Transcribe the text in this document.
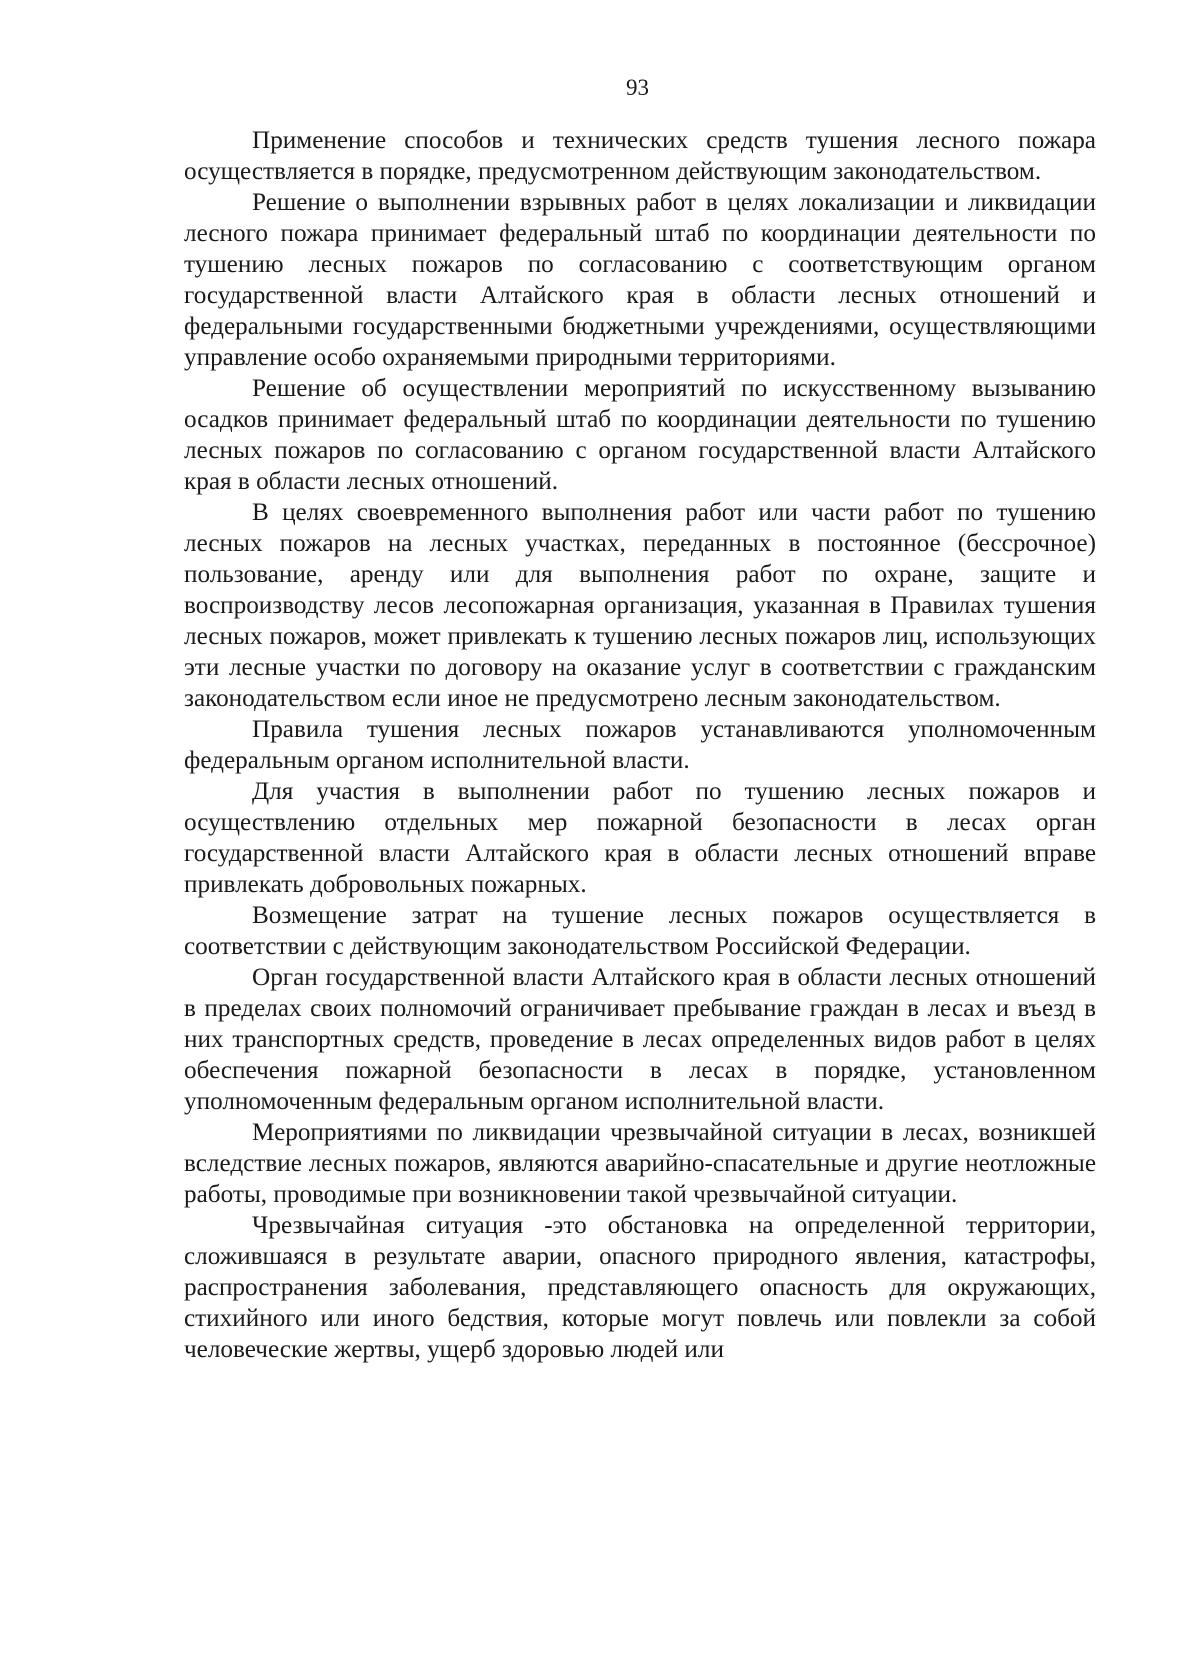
93

Применение способов и технических средств тушения лесного пожара осуществляется в порядке, предусмотренном действующим законодательством.

Решение о выполнении взрывных работ в целях локализации и ликвидации лесного пожара принимает федеральный штаб по координации деятельности по тушению лесных пожаров по согласованию с соответствующим органом государственной власти Алтайского края в области лесных отношений и федеральными государственными бюджетными учреждениями, осуществляющими управление особо охраняемыми природными территориями.

Решение об осуществлении мероприятий по искусственному вызыванию осадков принимает федеральный штаб по координации деятельности по тушению лесных пожаров по согласованию с органом государственной власти Алтайского края в области лесных отношений.

В целях своевременного выполнения работ или части работ по тушению лесных пожаров на лесных участках, переданных в постоянное (бессрочное) пользование, аренду или для выполнения работ по охране, защите и воспроизводству лесов лесопожарная организация, указанная в Правилах тушения лесных пожаров, может привлекать к тушению лесных пожаров лиц, использующих эти лесные участки по договору на оказание услуг в соответствии с гражданским законодательством если иное не предусмотрено лесным законодательством.

Правила тушения лесных пожаров устанавливаются уполномоченным федеральным органом исполнительной власти.

Для участия в выполнении работ по тушению лесных пожаров и осуществлению отдельных мер пожарной безопасности в лесах орган государственной власти Алтайского края в области лесных отношений вправе привлекать добровольных пожарных.

Возмещение затрат на тушение лесных пожаров осуществляется в соответствии с действующим законодательством Российской Федерации.

Орган государственной власти Алтайского края в области лесных отношений в пределах своих полномочий ограничивает пребывание граждан в лесах и въезд в них транспортных средств, проведение в лесах определенных видов работ в целях обеспечения пожарной безопасности в лесах в порядке, установленном уполномоченным федеральным органом исполнительной власти.

Мероприятиями по ликвидации чрезвычайной ситуации в лесах, возникшей вследствие лесных пожаров, являются аварийно-спасательные и другие неотложные работы, проводимые при возникновении такой чрезвычайной ситуации.

Чрезвычайная ситуация -это обстановка на определенной территории, сложившаяся в результате аварии, опасного природного явления, катастрофы, распространения заболевания, представляющего опасность для окружающих, стихийного или иного бедствия, которые могут повлечь или повлекли за собой человеческие жертвы, ущерб здоровью людей или
